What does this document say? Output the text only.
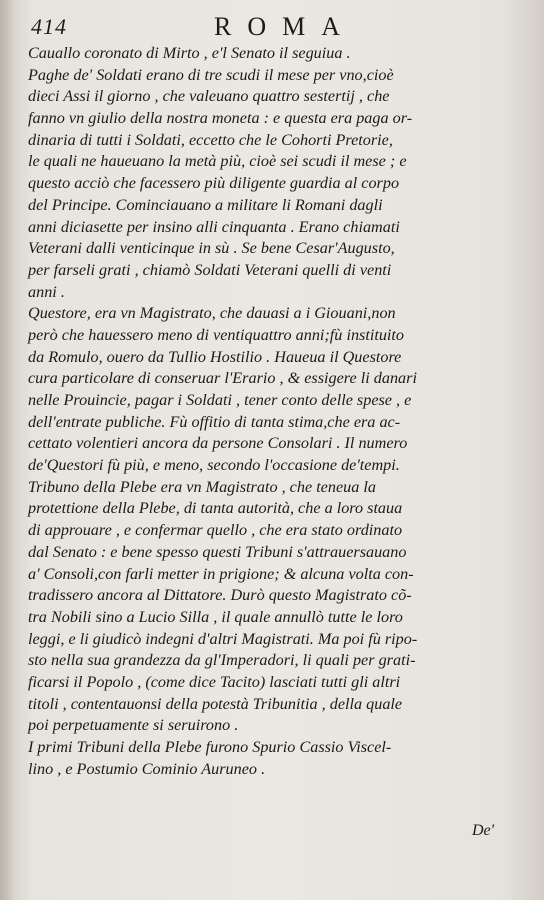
414	ROMA
Cauallo coronato di Mirto , e'l Senato il seguiua .
Paghe de' Soldati erano di tre scudi il mese per vno,cioè
dieci Assi il giorno , che valeuano quattro sestertij , che
fanno vn giulio della nostra moneta : e questa era paga or-
dinaria di tutti i Soldati, eccetto che le Cohorti Pretorie,
le quali ne haueuano la metà più, cioè sei scudi il mese ; e
questo acciò che facessero più diligente guardia al corpo
del Principe. Cominciauano a militare li Romani dagli
anni diciasette per insino alli cinquanta . Erano chiamati
Veterani dalli venticinque in sù . Se bene Cesar'Augusto,
per farseli grati , chiamò Soldati Veterani quelli di venti
anni .
Questore, era vn Magistrato, che dauasi a i Giouani,non
però che hauessero meno di ventiquattro anni;fù instituito
da Romulo, ouero da Tullio Hostilio . Haueua il Questore
cura particolare di conseruar l'Erario , & essigere li danari
nelle Prouincie, pagar i Soldati , tener conto delle spese , e
dell'entrate publiche. Fù offitio di tanta stima,che era ac-
cettato volentieri ancora da persone Consolari . Il numero
de'Questori fù più, e meno, secondo l'occasione de'tempi.
Tribuno della Plebe era vn Magistrato , che teneua la
protettione della Plebe, di tanta autorità, che a loro staua
di approuare , e confermar quello , che era stato ordinato
dal Senato : e bene spesso questi Tribuni s'attrauersauano
a' Consoli,con farli metter in prigione; & alcuna volta con-
tradissero ancora al Dittatore. Durò questo Magistrato cõ-
tra Nobili sino a Lucio Silla , il quale annullò tutte le loro
leggi, e li giudicò indegni d'altri Magistrati. Ma poi fù ripo-
sto nella sua grandezza da gl'Imperadori, li quali per grati-
ficarsi il Popolo , (come dice Tacito) lasciati tutti gli altri
titoli , contentauonsi della potestà Tribunitia , della quale
poi perpetuamente si seruirono .
I primi Tribuni della Plebe furono Spurio Cassio Viscel-
lino , e Postumio Cominio Auruneo .
De'
